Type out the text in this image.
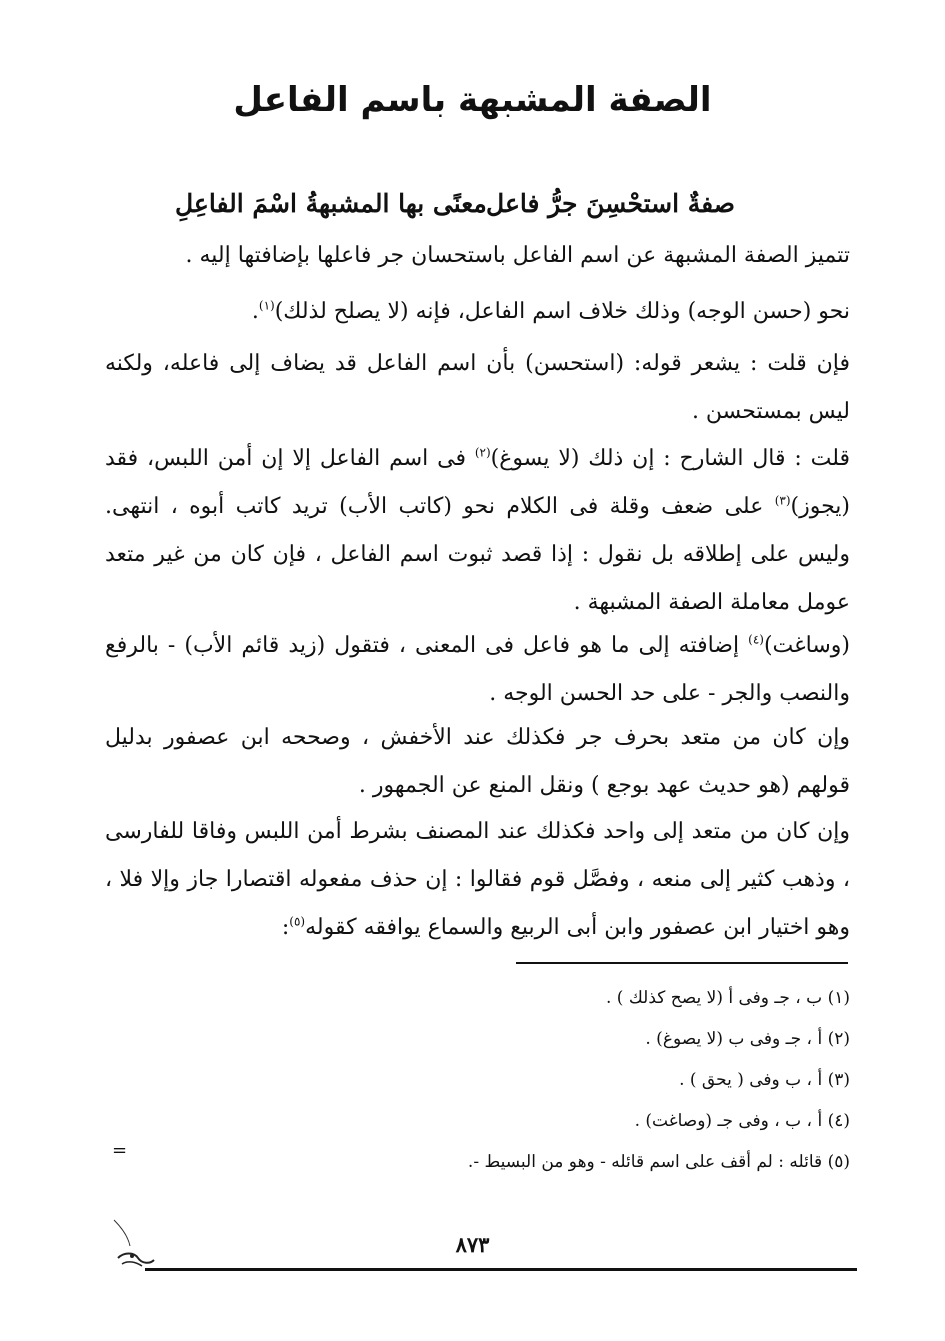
الصفة المشبهة باسم الفاعل
صفةٌ استحْسِنَ جرُّ فاعل
معنًى بها المشبهةُ اسْمَ الفاعِلِ

تتميز الصفة المشبهة عن اسم الفاعل باستحسان جر فاعلها بإضافتها إليه .

نحو (حسن الوجه) وذلك خلاف اسم الفاعل، فإنه (لا يصلح لذلك)$^{(١)}$.

فإن قلت : يشعر قوله: (استحسن) بأن اسم الفاعل قد يضاف إلى فاعله، ولكنه ليس بمستحسن .

قلت : قال الشارح : إن ذلك (لا يسوغ)$^{(٢)}$ فى اسم الفاعل إلا إن أمن اللبس، فقد (يجوز)$^{(٣)}$ على ضعف وقلة فى الكلام نحو (كاتب الأب) تريد كاتب أبوه ، انتهى. وليس على إطلاقه بل نقول : إذا قصد ثبوت اسم الفاعل ، فإن كان من غير متعد عومل معاملة الصفة المشبهة .

(وساغت)$^{(٤)}$ إضافته إلى ما هو فاعل فى المعنى ، فتقول (زيد قائم الأب) - بالرفع والنصب والجر - على حد الحسن الوجه .

وإن كان من متعد بحرف جر فكذلك عند الأخفش ، وصححه ابن عصفور بدليل قولهم (هو حديث عهد بوجع ) ونقل المنع عن الجمهور .

وإن كان من متعد إلى واحد فكذلك عند المصنف بشرط أمن اللبس وفاقا للفارسى ، وذهب كثير إلى منعه ، وفصَّل قوم فقالوا : إن حذف مفعوله اقتصارا جاز وإلا فلا ، وهو اختيار ابن عصفور وابن أبى الربيع والسماع يوافقه كقوله$^{(٥)}$:

(١) ب ، جـ وفى أ (لا يصح كذلك ) .
(٢) أ ، جـ وفى ب (لا يصوغ) .
(٣) أ ، ب وفى ( يحق ) .
(٤) أ ، ب ، وفى جـ (وصاغت) .
(٥) قائله : لم أقف على اسم قائله - وهو من البسيط -.
=
٨٧٣
